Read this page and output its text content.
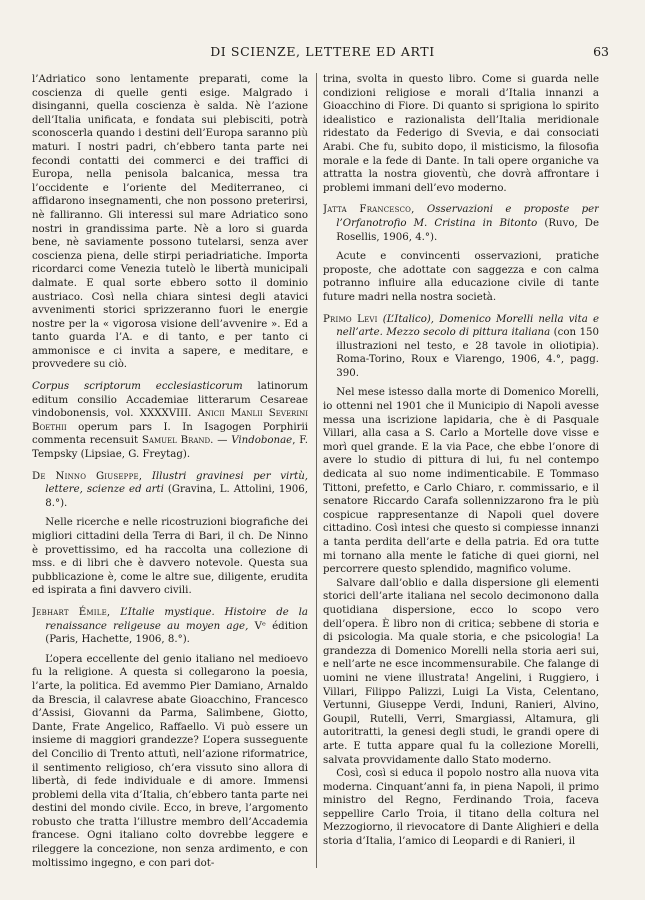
DI SCIENZE, LETTERE ED ARTI	63

l’Adriatico sono lentamente preparati, come la coscienza di quelle genti esige. Malgrado i disinganni, quella coscienza è salda. Nè l’azione dell’Italia unificata, e fondata sui plebisciti, potrà sconoscerla quando i destini dell’Europa saranno più maturi. I nostri padri, ch’ebbero tanta parte nei fecondi contatti dei commerci e dei traffici di Europa, nella penisola balcanica, messa tra l’occidente e l’oriente del Mediterraneo, ci affidarono insegnamenti, che non possono preterirsi, nè falliranno. Gli interessi sul mare Adriatico sono nostri in grandissima parte. Nè a loro si guarda bene, nè saviamente possono tutelarsi, senza aver coscienza piena, delle stirpi periadriatiche. Importa ricordarci come Venezia tutelò le libertà municipali dalmate. E qual sorte ebbero sotto il dominio austriaco. Così nella chiara sintesi degli atavici avvenimenti storici sprizzeranno fuori le energie nostre per la « vigorosa visione dell’avvenire ». Ed a tanto guarda l’A. e di tanto, e per tanto ci ammonisce e ci invita a sapere, e meditare, e provvedere su ciò.

Corpus scriptorum ecclesiasticorum latinorum editum consilio Accademiae litterarum Cesareae vindobonensis, vol. XXXXVIII. Anicii Manlii Severini Boethii operum pars I. In Isagogen Porphirii commenta recensuit Samuel Brand. — Vindobonae, F. Tempsky (Lipsiae, G. Freytag).
De Ninno Giuseppe, Illustri gravinesi per virtù, lettere, scienze ed arti (Gravina, L. Attolini, 1906, 8.°).

Nelle ricerche e nelle ricostruzioni biografiche dei migliori cittadini della Terra di Bari, il ch. De Ninno è provettissimo, ed ha raccolta una collezione di mss. e di libri che è davvero notevole. Questa sua pubblicazione è, come le altre sue, diligente, erudita ed ispirata a fini davvero civili.

Jebhart Émile, L’Italie mystique. Histoire de la renaissance religeuse au moyen age, Vᵉ édition (Paris, Hachette, 1906, 8.°).

L’opera eccellente del genio italiano nel medioevo fu la religione. A questa si collegarono la poesia, l’arte, la politica. Ed avemmo Pier Damiano, Arnaldo da Brescia, il calavrese abate Gioacchino, Francesco d’Assisi, Giovanni da Parma, Salimbene, Giotto, Dante, Frate Angelico, Raffaello. Vi può essere un insieme di maggiori grandezze? L’opera susseguente del Concilio di Trento attutì, nell’azione riformatrice, il sentimento religioso, ch’era vissuto sino allora di libertà, di fede individuale e di amore. Immensi problemi della vita d’Italia, ch’ebbero tanta parte nei destini del mondo civile. Ecco, in breve, l’argomento robusto che tratta l’illustre membro dell’Accademia francese. Ogni italiano colto dovrebbe leggere e rileggere la concezione, non senza ardimento, e con moltissimo ingegno, e con pari dot-

trina, svolta in questo libro. Come si guarda nelle condizioni religiose e morali d’Italia innanzi a Gioacchino di Fiore. Di quanto si sprigiona lo spirito idealistico e razionalista dell’Italia meridionale ridestato da Federigo di Svevia, e dai consociati Arabi. Che fu, subito dopo, il misticismo, la filosofia morale e la fede di Dante. In tali opere organiche va attratta la nostra gioventù, che dovrà affrontare i problemi immani dell’evo moderno.

Jatta Francesco, Osservazioni e proposte per l’Orfanotrofio M. Cristina in Bitonto (Ruvo, De Rosellis, 1906, 4.°).

Acute e convincenti osservazioni, pratiche proposte, che adottate con saggezza e con calma potranno influire alla educazione civile di tante future madri nella nostra società.

Primo Levi (L’Italico), Domenico Morelli nella vita e nell’arte. Mezzo secolo di pittura italiana (con 150 illustrazioni nel testo, e 28 tavole in oliotipia). Roma-Torino, Roux e Viarengo, 1906, 4.°, pagg. 390.

Nel mese istesso dalla morte di Domenico Morelli, io ottenni nel 1901 che il Municipio di Napoli avesse messa una iscrizione lapidaria, che è di Pasquale Villari, alla casa a S. Carlo a Mortelle dove visse e morì quel grande. E la via Pace, che ebbe l’onore di avere lo studio di pittura di lui, fu nel contempo dedicata al suo nome indimenticabile. E Tommaso Tittoni, prefetto, e Carlo Chiaro, r. commissario, e il senatore Riccardo Carafa sollennizzarono fra le più cospicue rappresentanze di Napoli quel dovere cittadino. Così intesi che questo si compiesse innanzi a tanta perdita dell’arte e della patria. Ed ora tutte mi tornano alla mente le fatiche di quei giorni, nel percorrere questo splendido, magnifico volume.

Salvare dall’oblio e dalla dispersione gli elementi storici dell’arte italiana nel secolo decimonono dalla quotidiana dispersione, ecco lo scopo vero dell’opera. È libro non di critica; sebbene di storia e di psicologia. Ma quale storia, e che psicologia! La grandezza di Domenico Morelli nella storia aeri sui, e nell’arte ne esce incommensurabile. Che falange di uomini ne viene illustrata! Angelini, i Ruggiero, i Villari, Filippo Palizzi, Luigi La Vista, Celentano, Vertunni, Giuseppe Verdi, Induni, Ranieri, Alvino, Goupil, Rutelli, Verri, Smargiassi, Altamura, gli autoritratti, la genesi degli studi, le grandi opere di arte. E tutta appare qual fu la collezione Morelli, salvata provvidamente dallo Stato moderno.

Così, così si educa il popolo nostro alla nuova vita moderna. Cinquant’anni fa, in piena Napoli, il primo ministro del Regno, Ferdinando Troia, faceva seppellire Carlo Troia, il titano della coltura nel Mezzogiorno, il rievocatore di Dante Alighieri e della storia d’Italia, l’amico di Leopardi e di Ranieri, il
